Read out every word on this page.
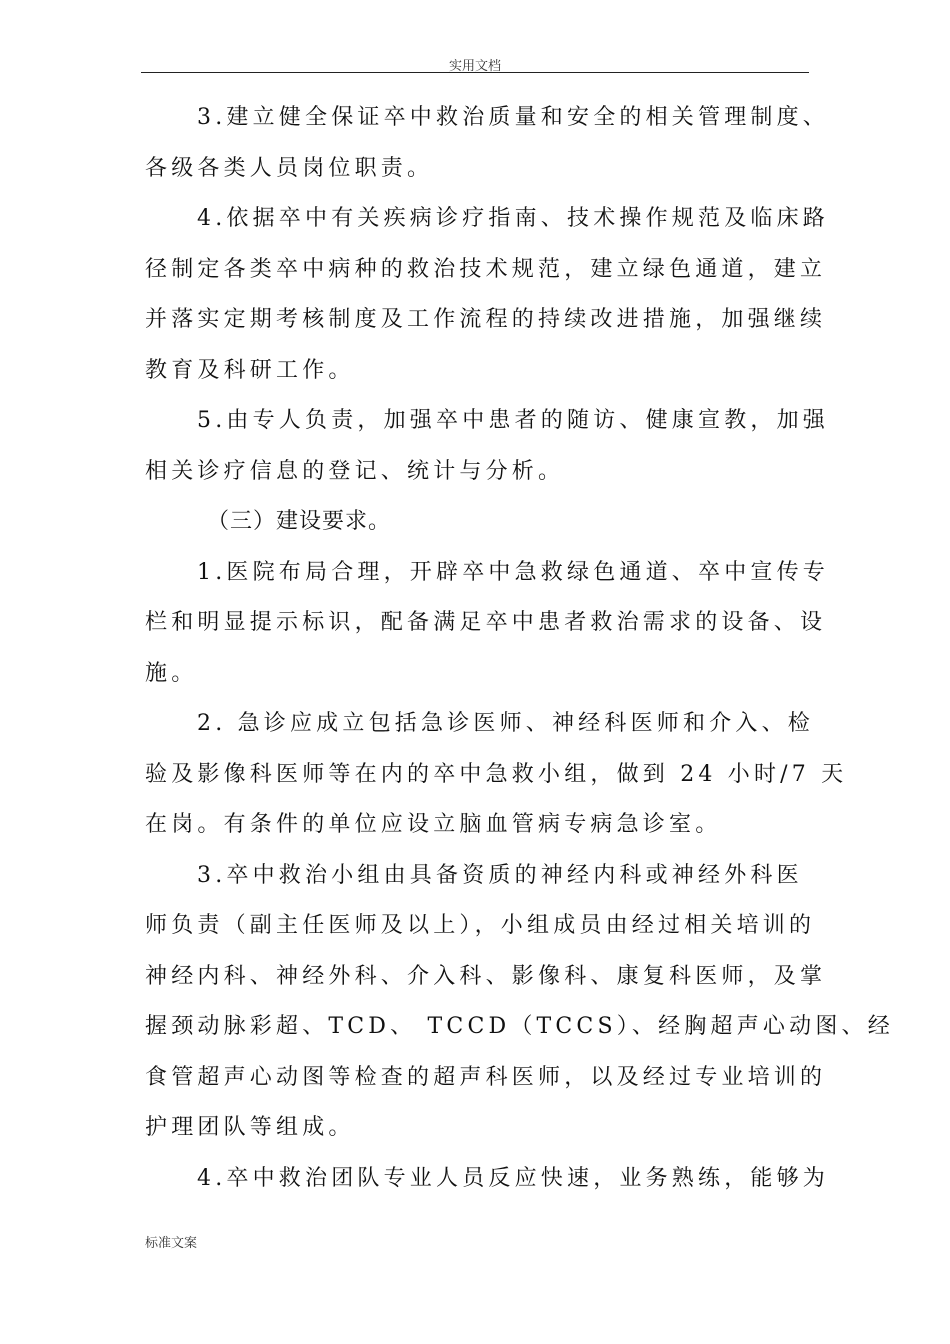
实用文档
3.建立健全保证卒中救治质量和安全的相关管理制度、
各级各类人员岗位职责。
4.依据卒中有关疾病诊疗指南、技术操作规范及临床路
径制定各类卒中病种的救治技术规范，建立绿色通道，建立
并落实定期考核制度及工作流程的持续改进措施，加强继续
教育及科研工作。
5.由专人负责，加强卒中患者的随访、健康宣教，加强
相关诊疗信息的登记、统计与分析。
（三）建设要求。
1.医院布局合理，开辟卒中急救绿色通道、卒中宣传专
栏和明显提示标识，配备满足卒中患者救治需求的设备、设
施。
2. 急诊应成立包括急诊医师、神经科医师和介入、检
验及影像科医师等在内的卒中急救小组，做到 24 小时/7 天
在岗。有条件的单位应设立脑血管病专病急诊室。
3.卒中救治小组由具备资质的神经内科或神经外科医
师负责（副主任医师及以上），小组成员由经过相关培训的
神经内科、神经外科、介入科、影像科、康复科医师，及掌
握颈动脉彩超、TCD、 TCCD（TCCS）、经胸超声心动图、经
食管超声心动图等检查的超声科医师，以及经过专业培训的
护理团队等组成。
4.卒中救治团队专业人员反应快速，业务熟练，能够为
标准文案
